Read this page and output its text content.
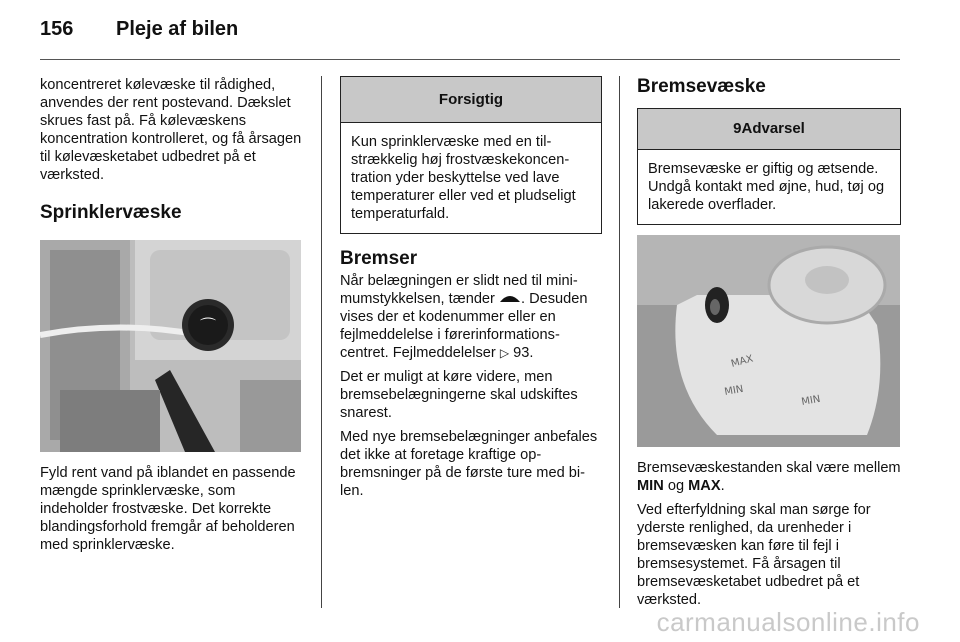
156 Pleje af bilen

koncentreret kølevæske til rådighed, anvendes der rent postevand. Dækslet skrues fast på. Få kølevæskens koncentration kontrolleret, og få årsagen til kølevæsketabet udbedret på et værksted.

Sprinklervæske
⌒

Fyld rent vand på iblandet en passende mængde sprinklervæske, som indeholder frostvæske. Det korrekte blandingsforhold fremgår af beholderen med sprinklervæske.

Forsigtig
Kun sprinklervæske med en tilstrækkelig høj frostvæskekoncentration yder beskyttelse ved lave temperaturer eller ved et pludseligt temperaturfald.
Bremser

Når belægningen er slidt ned til minimumstykkelsen, tænder . Desuden vises der et kodenummer eller en fejlmeddelelse i førerinformationscentret. Fejlmeddelelser ▷ 93.

Det er muligt at køre videre, men bremsebelægningerne skal udskiftes snarest.

Med nye bremsebelægninger anbefales det ikke at foretage kraftige opbremsninger på de første ture med bilen.

Bremsevæske
9Advarsel
Bremsevæske er giftig og ætsende. Undgå kontakt med øjne, hud, tøj og lakerede overflader.
MAX
MIN
MIN

Bremsevæskestanden skal være mellem MIN og MAX.

Ved efterfyldning skal man sørge for yderste renlighed, da urenheder i bremsevæsken kan føre til fejl i bremsesystemet. Få årsagen til bremsevæsketabet udbedret på et værksted.

carmanualsonline.info
